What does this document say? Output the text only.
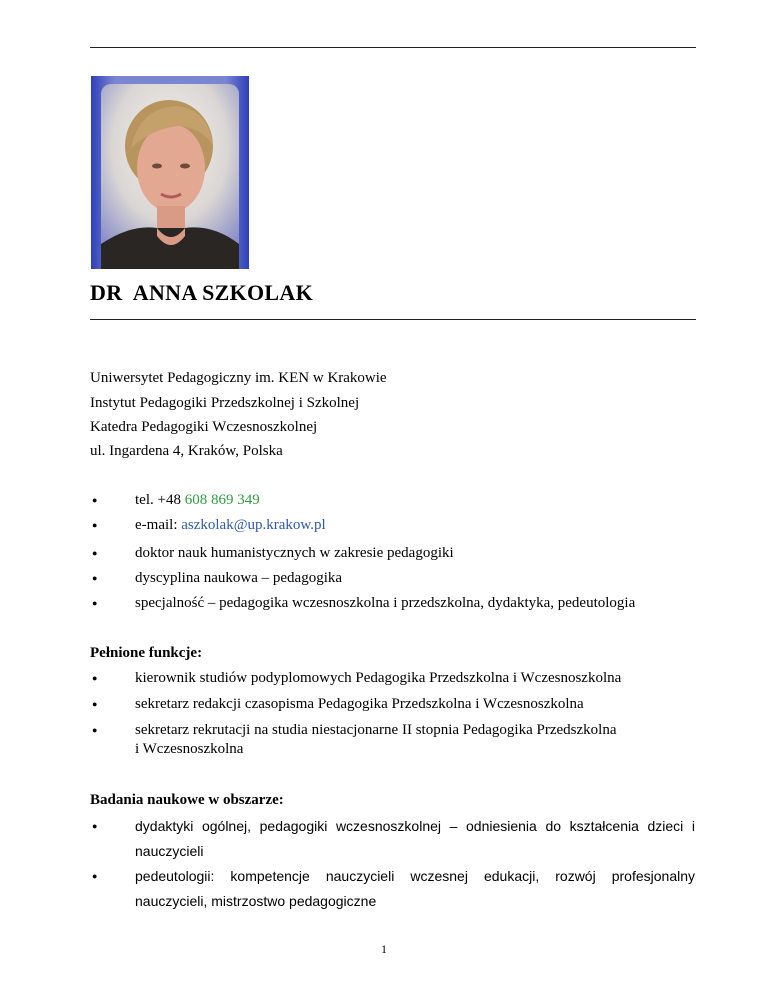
DR  ANNA SZKOLAK
Uniwersytet Pedagogiczny im. KEN w Krakowie
Instytut Pedagogiki Przedszkolnej i Szkolnej
Katedra Pedagogiki Wczesnoszkolnej
ul. Ingardena 4, Kraków, Polska
●	tel. +48 608 869 349
●	e-mail: aszkolak@up.krakow.pl
●	doktor nauk humanistycznych w zakresie pedagogiki
●	dyscyplina naukowa – pedagogika
●	specjalność – pedagogika wczesnoszkolna i przedszkolna, dydaktyka, pedeutologia
Pełnione funkcje:
●	kierownik studiów podyplomowych Pedagogika Przedszkolna i Wczesnoszkolna
●	sekretarz redakcji czasopisma Pedagogika Przedszkolna i Wczesnoszkolna
●	sekretarz rekrutacji na studia niestacjonarne II stopnia Pedagogika Przedszkolna
i Wczesnoszkolna
Badania naukowe w obszarze:
●	dydaktyki ogólnej, pedagogiki wczesnoszkolnej – odniesienia do kształcenia dzieci i
nauczycieli
●	pedeutologii: kompetencje nauczycieli wczesnej edukacji, rozwój profesjonalny
nauczycieli, mistrzostwo pedagogiczne
1
